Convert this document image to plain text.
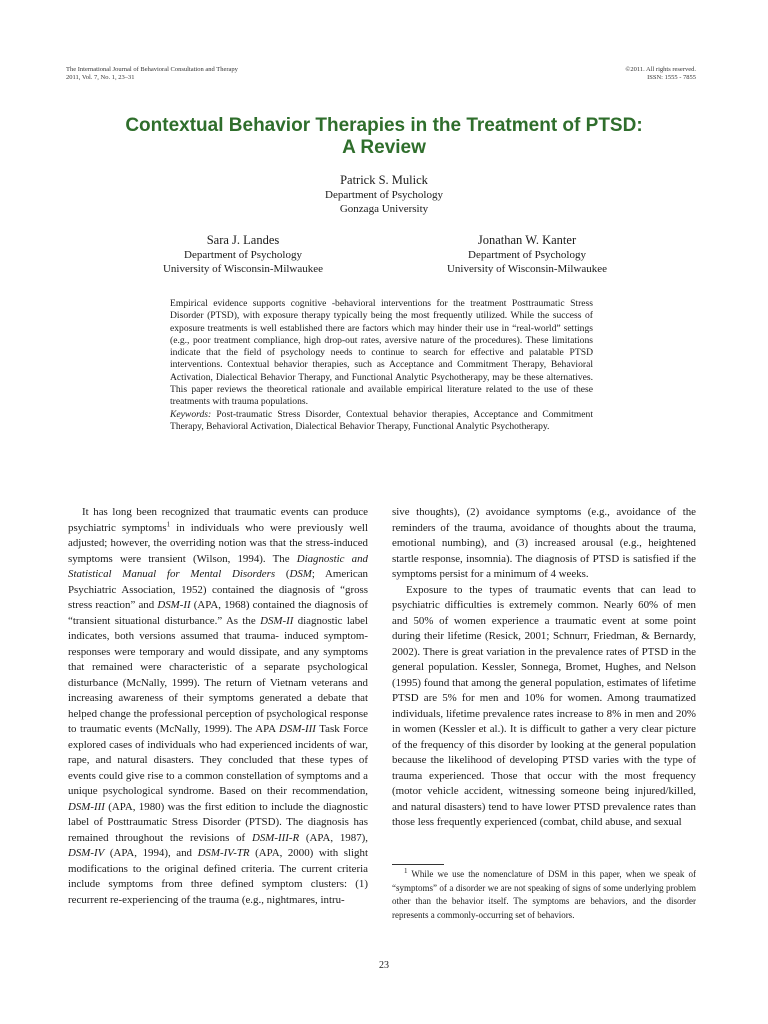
The International Journal of Behavioral Consultation and Therapy
2011, Vol. 7, No. 1, 23–31
©2011. All rights reserved.
ISSN: 1555 - 7855
Contextual Behavior Therapies in the Treatment of PTSD:
A Review
Patrick S. Mulick
Department of Psychology
Gonzaga University
Sara J. Landes
Department of Psychology
University of Wisconsin-Milwaukee
Jonathan W. Kanter
Department of Psychology
University of Wisconsin-Milwaukee

Empirical evidence supports cognitive -behavioral interventions for the treatment Posttraumatic Stress Disorder (PTSD), with exposure therapy typically being the most frequently utilized. While the success of exposure treatments is well established there are factors which may hinder their use in “real-world” settings (e.g., poor treatment compliance, high drop-out rates, aversive nature of the procedures). These limitations indicate that the field of psychology needs to continue to search for effective and palatable PTSD interventions. Contextual behavior therapies, such as Acceptance and Commitment Therapy, Behavioral Activation, Dialectical Behavior Therapy, and Functional Analytic Psychotherapy, may be these alternatives. This paper reviews the theoretical rationale and available empirical literature related to the use of these treatments with trauma populations.

Keywords: Post-traumatic Stress Disorder, Contextual behavior therapies, Acceptance and Commitment Therapy, Behavioral Activation, Dialectical Behavior Therapy, Functional Analytic Psychotherapy.

It has long been recognized that traumatic events can produce psychiatric symptoms$^1$ in individuals who were previously well adjusted; however, the overriding notion was that the stress-induced symptoms were transient (Wilson, 1994). The Diagnostic and Statistical Manual for Mental Disorders (DSM; American Psychiatric Association, 1952) contained the diagnosis of “gross stress reaction” and DSM-II (APA, 1968) contained the diagnosis of “transient situational disturbance.” As the DSM-II diagnostic label indicates, both versions assumed that trauma- induced symptom-responses were temporary and would dissipate, and any symptoms that remained were characteristic of a separate psychological disturbance (McNally, 1999). The return of Vietnam veterans and increasing awareness of their symptoms generated a debate that helped change the professional perception of psychological response to traumatic events (McNally, 1999). The APA DSM-III Task Force explored cases of individuals who had experienced incidents of war, rape, and natural disasters. They concluded that these types of events could give rise to a common constellation of symptoms and a unique psychological syndrome. Based on their recommendation, DSM-III (APA, 1980) was the first edition to include the diagnostic label of Posttraumatic Stress Disorder (PTSD). The diagnosis has remained throughout the revisions of DSM-III-R (APA, 1987), DSM-IV (APA, 1994), and DSM-IV-TR (APA, 2000) with slight modifications to the original defined criteria. The current criteria include symptoms from three defined symptom clusters: (1) recurrent re-experiencing of the trauma (e.g., nightmares, intru-

sive thoughts), (2) avoidance symptoms (e.g., avoidance of the reminders of the trauma, avoidance of thoughts about the trauma, emotional numbing), and (3) increased arousal (e.g., heightened startle response, insomnia). The diagnosis of PTSD is satisfied if the symptoms persist for a minimum of 4 weeks.

Exposure to the types of traumatic events that can lead to psychiatric difficulties is extremely common. Nearly 60% of men and 50% of women experience a traumatic event at some point during their lifetime (Resick, 2001; Schnurr, Friedman, & Bernardy, 2002). There is great variation in the prevalence rates of PTSD in the general population. Kessler, Sonnega, Bromet, Hughes, and Nelson (1995) found that among the general population, estimates of lifetime PTSD are 5% for men and 10% for women. Among traumatized individuals, lifetime prevalence rates increase to 8% in men and 20% in women (Kessler et al.). It is difficult to gather a very clear picture of the frequency of this disorder by looking at the general population because the likelihood of developing PTSD varies with the type of trauma experienced. Those that occur with the most frequency (motor vehicle accident, witnessing someone being injured/killed, and natural disasters) tend to have lower PTSD prevalence rates than those less frequently experienced (combat, child abuse, and sexual

$^1$ While we use the nomenclature of DSM in this paper, when we speak of “symptoms” of a disorder we are not speaking of signs of some underlying problem other than the behavior itself. The symptoms are behaviors, and the disorder represents a commonly-occurring set of behaviors.
23
